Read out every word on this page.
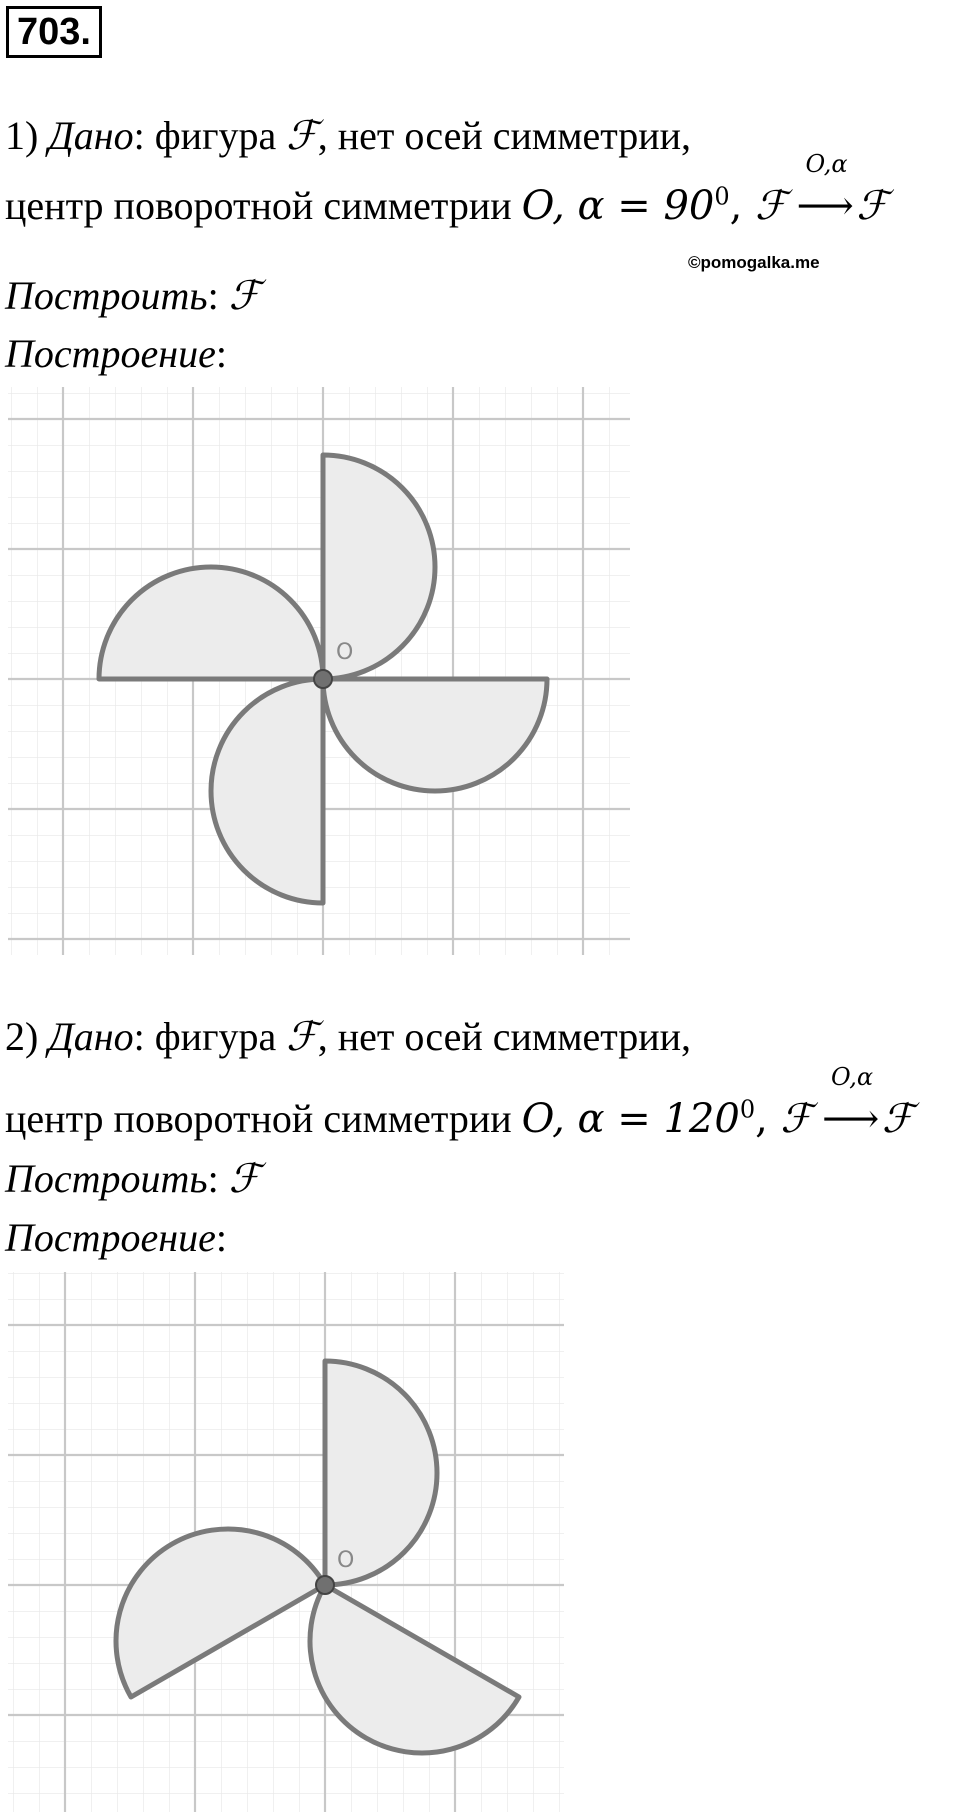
703.
1) Дано: фигура ℱ, нет осей симметрии,
центр поворотной симметрии O, $\alpha = 90^0$, ℱ
O,α
⟶ ℱ
©pomogalka.me
Построить: ℱ
Построение:
O
2) Дано: фигура ℱ, нет осей симметрии,
центр поворотной симметрии O, $\alpha = 120^0$, ℱ
O,α
⟶ ℱ
Построить: ℱ
Построение:
O
